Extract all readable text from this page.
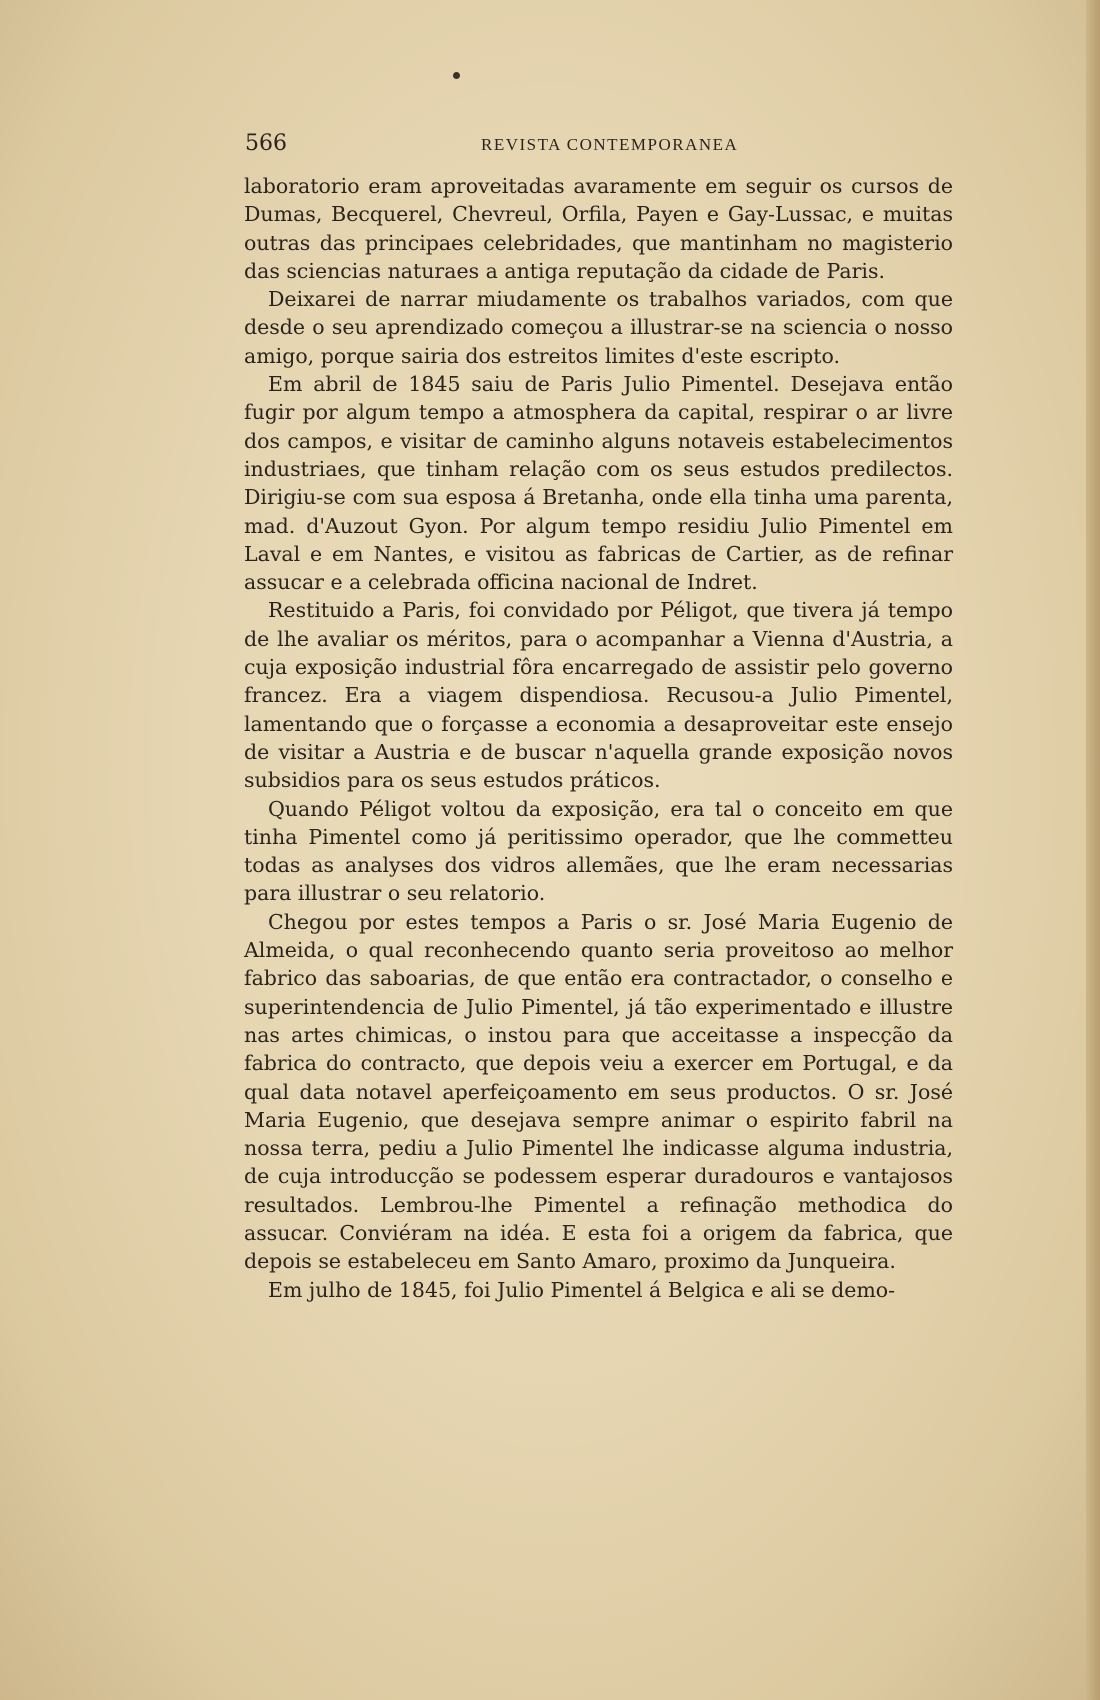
566	REVISTA CONTEMPORANEA

laboratorio eram aproveitadas avaramente em seguir os cursos de Dumas, Becquerel, Chevreul, Orfila, Payen e Gay-Lussac, e muitas outras das principaes celebridades, que mantinham no magisterio das sciencias naturaes a antiga reputação da cidade de Paris.

Deixarei de narrar miudamente os trabalhos variados, com que desde o seu aprendizado começou a illustrar-se na sciencia o nosso amigo, porque sairia dos estreitos limites d'este escripto.

Em abril de 1845 saiu de Paris Julio Pimentel. Desejava então fugir por algum tempo a atmosphera da capital, respirar o ar livre dos campos, e visitar de caminho alguns notaveis estabelecimentos industriaes, que tinham relação com os seus estudos predilectos. Dirigiu-se com sua esposa á Bretanha, onde ella tinha uma parenta, mad. d'Auzout Gyon. Por algum tempo residiu Julio Pimentel em Laval e em Nantes, e visitou as fabricas de Cartier, as de refinar assucar e a celebrada officina nacional de Indret.

Restituido a Paris, foi convidado por Péligot, que tivera já tempo de lhe avaliar os méritos, para o acompanhar a Vienna d'Austria, a cuja exposição industrial fôra encarregado de assistir pelo governo francez. Era a viagem dispendiosa. Recusou-a Julio Pimentel, lamentando que o forçasse a economia a desaproveitar este ensejo de visitar a Austria e de buscar n'aquella grande exposição novos subsidios para os seus estudos práticos.

Quando Péligot voltou da exposição, era tal o conceito em que tinha Pimentel como já peritissimo operador, que lhe commetteu todas as analyses dos vidros allemães, que lhe eram necessarias para illustrar o seu relatorio.

Chegou por estes tempos a Paris o sr. José Maria Eugenio de Almeida, o qual reconhecendo quanto seria proveitoso ao melhor fabrico das saboarias, de que então era contractador, o conselho e superintendencia de Julio Pimentel, já tão experimentado e illustre nas artes chimicas, o instou para que acceitasse a inspecção da fabrica do contracto, que depois veiu a exercer em Portugal, e da qual data notavel aperfeiçoamento em seus productos. O sr. José Maria Eugenio, que desejava sempre animar o espirito fabril na nossa terra, pediu a Julio Pimentel lhe indicasse alguma industria, de cuja introducção se podessem esperar duradouros e vantajosos resultados. Lembrou-lhe Pimentel a refinação methodica do assucar. Conviéram na idéa. E esta foi a origem da fabrica, que depois se estabeleceu em Santo Amaro, proximo da Junqueira.

Em julho de 1845, foi Julio Pimentel á Belgica e ali se demo-
